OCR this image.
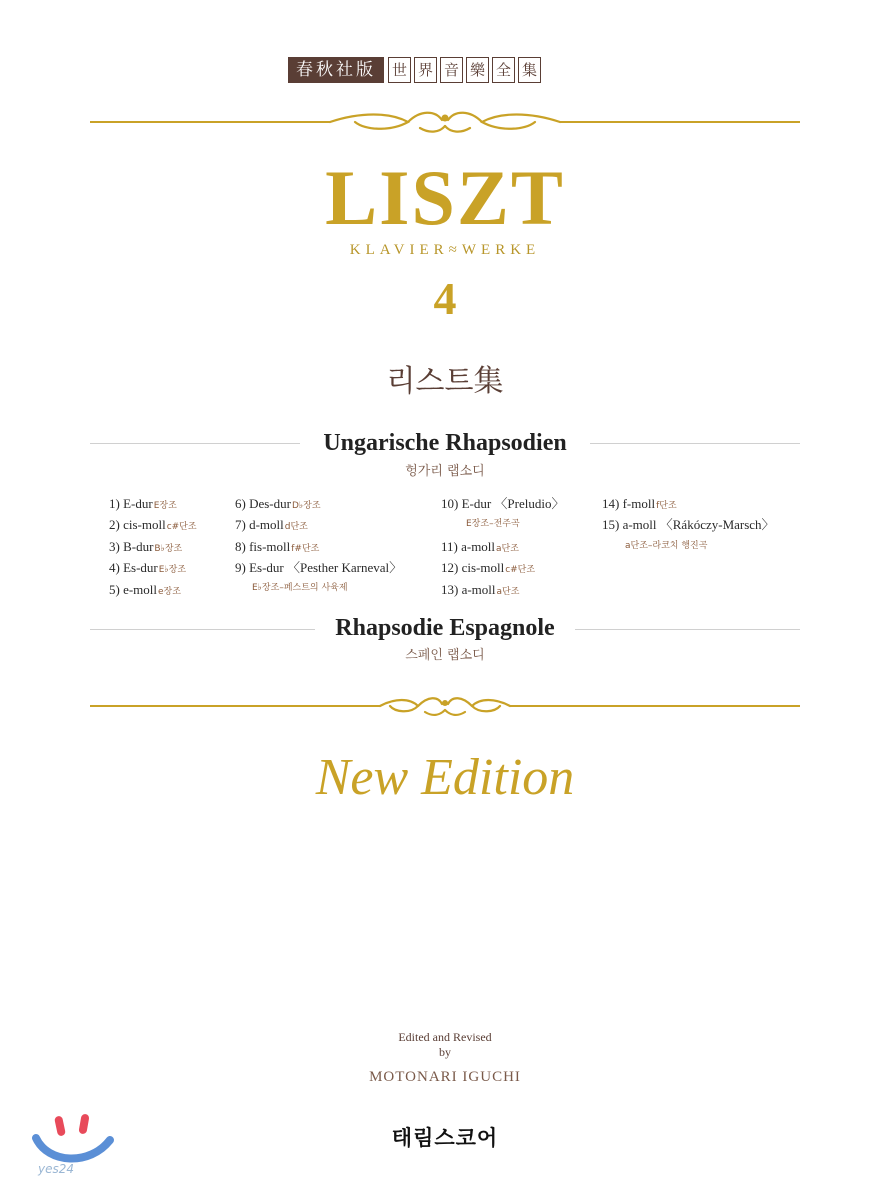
春秋社版	世 界 音 樂 全 集
LISZT
KLAVIER≈WERKE
4
리스트集
Ungarische Rhapsodien
헝가리 랩소디
1) E-durE장조
2) cis-mollc#단조
3) B-durB♭장조
4) Es-durE♭장조
5) e-molle장조
6) Des-durD♭장조
7) d-molld단조
8) fis-mollf#단조
9) Es-dur 〈Pesther Karneval〉
E♭장조–페스트의 사육제
10) E-dur 〈Preludio〉
E장조–전주곡
11) a-molla단조
12) cis-mollc#단조
13) a-molla단조
14) f-mollf단조
15) a-moll 〈Rákóczy-Marsch〉
a단조–라코치 행진곡
Rhapsodie Espagnole
스페인 랩소디
New Edition
Edited and Revised
by
MOTONARI IGUCHI
태림스코어
yes24
